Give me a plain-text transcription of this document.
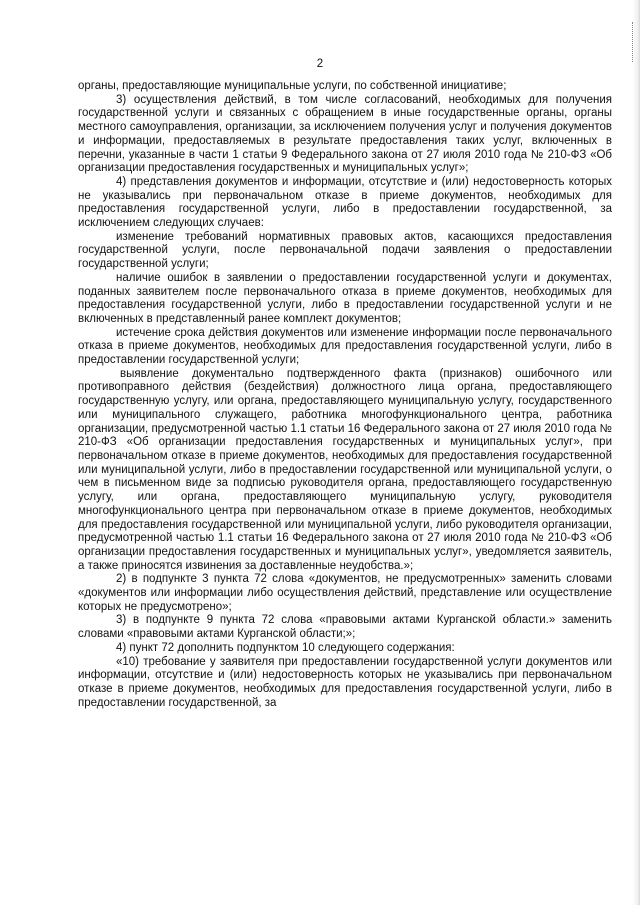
2

органы, предоставляющие муниципальные услуги, по собственной инициативе;

3) осуществления действий, в том числе согласований, необходимых для получения государственной услуги и связанных с обращением в иные государственные органы, органы местного самоуправления, организации, за исключением получения услуг и получения документов и информации, предоставляемых в результате предоставления таких услуг, включенных в перечни, указанные в части 1 статьи 9 Федерального закона от 27 июля 2010 года № 210-ФЗ «Об организации предоставления государственных и муниципальных услуг»;

4) представления документов и информации, отсутствие и (или) недостоверность которых не указывались при первоначальном отказе в приеме документов, необходимых для предоставления государственной услуги, либо в предоставлении государственной, за исключением следующих случаев:

изменение требований нормативных правовых актов, касающихся предоставления государственной услуги, после первоначальной подачи заявления о предоставлении государственной услуги;

наличие ошибок в заявлении о предоставлении государственной услуги и документах, поданных заявителем после первоначального отказа в приеме документов, необходимых для предоставления государственной услуги, либо в предоставлении государственной услуги и не включенных в представленный ранее комплект документов;

истечение срока действия документов или изменение информации после первоначального отказа в приеме документов, необходимых для предоставления государственной услуги, либо в предоставлении государственной услуги;

выявление документально подтвержденного факта (признаков) ошибочного или противоправного действия (бездействия) должностного лица органа, предоставляющего государственную услугу, или органа, предоставляющего муниципальную услугу, государственного или муниципального служащего, работника многофункционального центра, работника организации, предусмотренной частью 1.1 статьи 16 Федерального закона от 27 июля 2010 года № 210-ФЗ «Об организации предоставления государственных и муниципальных услуг», при первоначальном отказе в приеме документов, необходимых для предоставления государственной или муниципальной услуги, либо в предоставлении государственной или муниципальной услуги, о чем в письменном виде за подписью руководителя органа, предоставляющего государственную услугу, или органа, предоставляющего муниципальную услугу, руководителя многофункционального центра при первоначальном отказе в приеме документов, необходимых для предоставления государственной или муниципальной услуги, либо руководителя организации, предусмотренной частью 1.1 статьи 16 Федерального закона от 27 июля 2010 года № 210-ФЗ «Об организации предоставления государственных и муниципальных услуг», уведомляется заявитель, а также приносятся извинения за доставленные неудобства.»;

2) в подпункте 3 пункта 72 слова «документов, не предусмотренных» заменить словами «документов или информации либо осуществления действий, представление или осуществление которых не предусмотрено»;

3) в подпункте 9 пункта 72 слова «правовыми актами Курганской области.» заменить словами «правовыми актами Курганской области;»;

4) пункт 72 дополнить подпунктом 10 следующего содержания:

«10) требование у заявителя при предоставлении государственной услуги документов или информации, отсутствие и (или) недостоверность которых не указывались при первоначальном отказе в приеме документов, необходимых для предоставления государственной услуги, либо в предоставлении государственной, за
